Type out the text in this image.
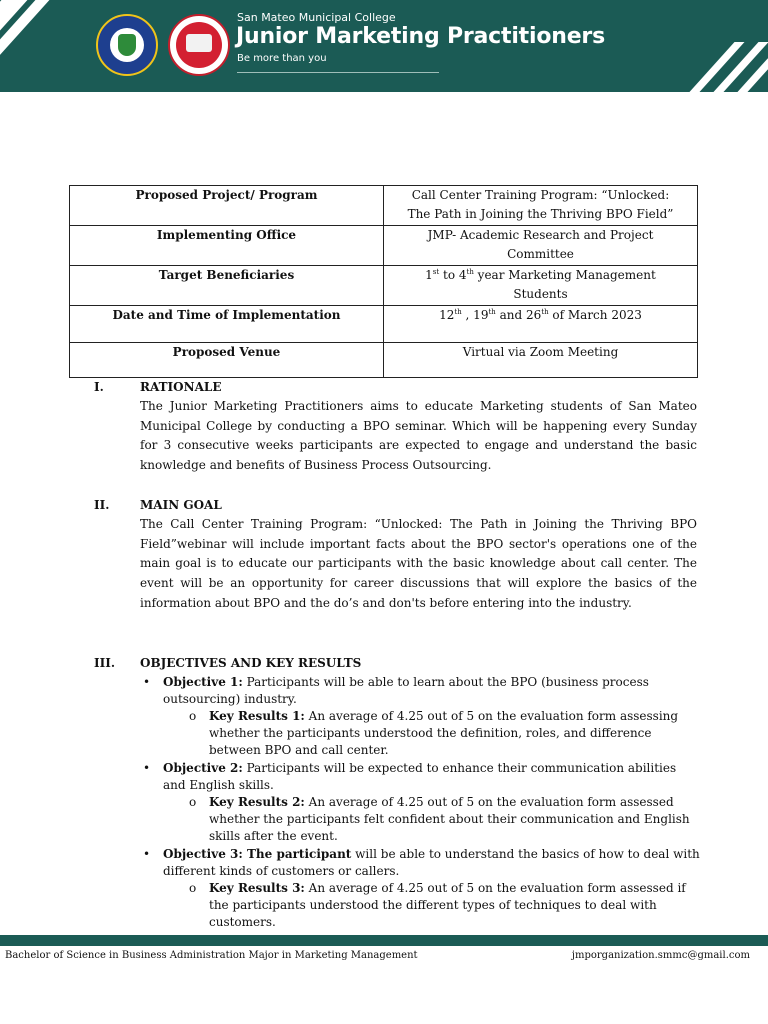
San Mateo Municipal College
Junior Marketing Practitioners
Be more than you
Proposed Project/ Program	Call Center Training Program: “Unlocked:
The Path in Joining the Thriving BPO Field”
Implementing Office	JMP- Academic Research and Project
Committee
Target Beneficiaries	1st to 4th year Marketing Management
Students
Date and Time of Implementation	12th , 19th and 26th of March 2023
Proposed Venue	Virtual via Zoom Meeting
I.	RATIONALE

The Junior Marketing Practitioners aims to educate Marketing students of San Mateo Municipal College by conducting a BPO seminar. Which will be happening every Sunday for 3 consecutive weeks participants are expected to engage and understand the basic knowledge and benefits of Business Process Outsourcing.

II.	MAIN GOAL

The Call Center Training Program: “Unlocked: The Path in Joining the Thriving BPO Field”webinar will include important facts about the BPO sector's operations one of the main goal is to educate our participants with the basic knowledge about call center. The event will be an opportunity for career discussions that will explore the basics of the information about BPO and the do’s and don'ts before entering into the industry.

III. OBJECTIVES AND KEY RESULTS
• Objective 1: Participants will be able to learn about the BPO (business process outsourcing) industry.

o Key Results 1: An average of 4.25 out of 5 on the evaluation form assessing whether the participants understood the definition, roles, and difference between BPO and call center.

• Objective 2: Participants will be expected to enhance their communication abilities and English skills.

o Key Results 2: An average of 4.25 out of 5 on the evaluation form assessed whether the participants felt confident about their communication and English skills after the event.

• Objective 3: The participant will be able to understand the basics of how to deal with different kinds of customers or callers.

o Key Results 3: An average of 4.25 out of 5 on the evaluation form assessed if the participants understood the different types of techniques to deal with customers.

Bachelor of Science in Business Administration Major in Marketing Management	jmporganization.smmc@gmail.com
